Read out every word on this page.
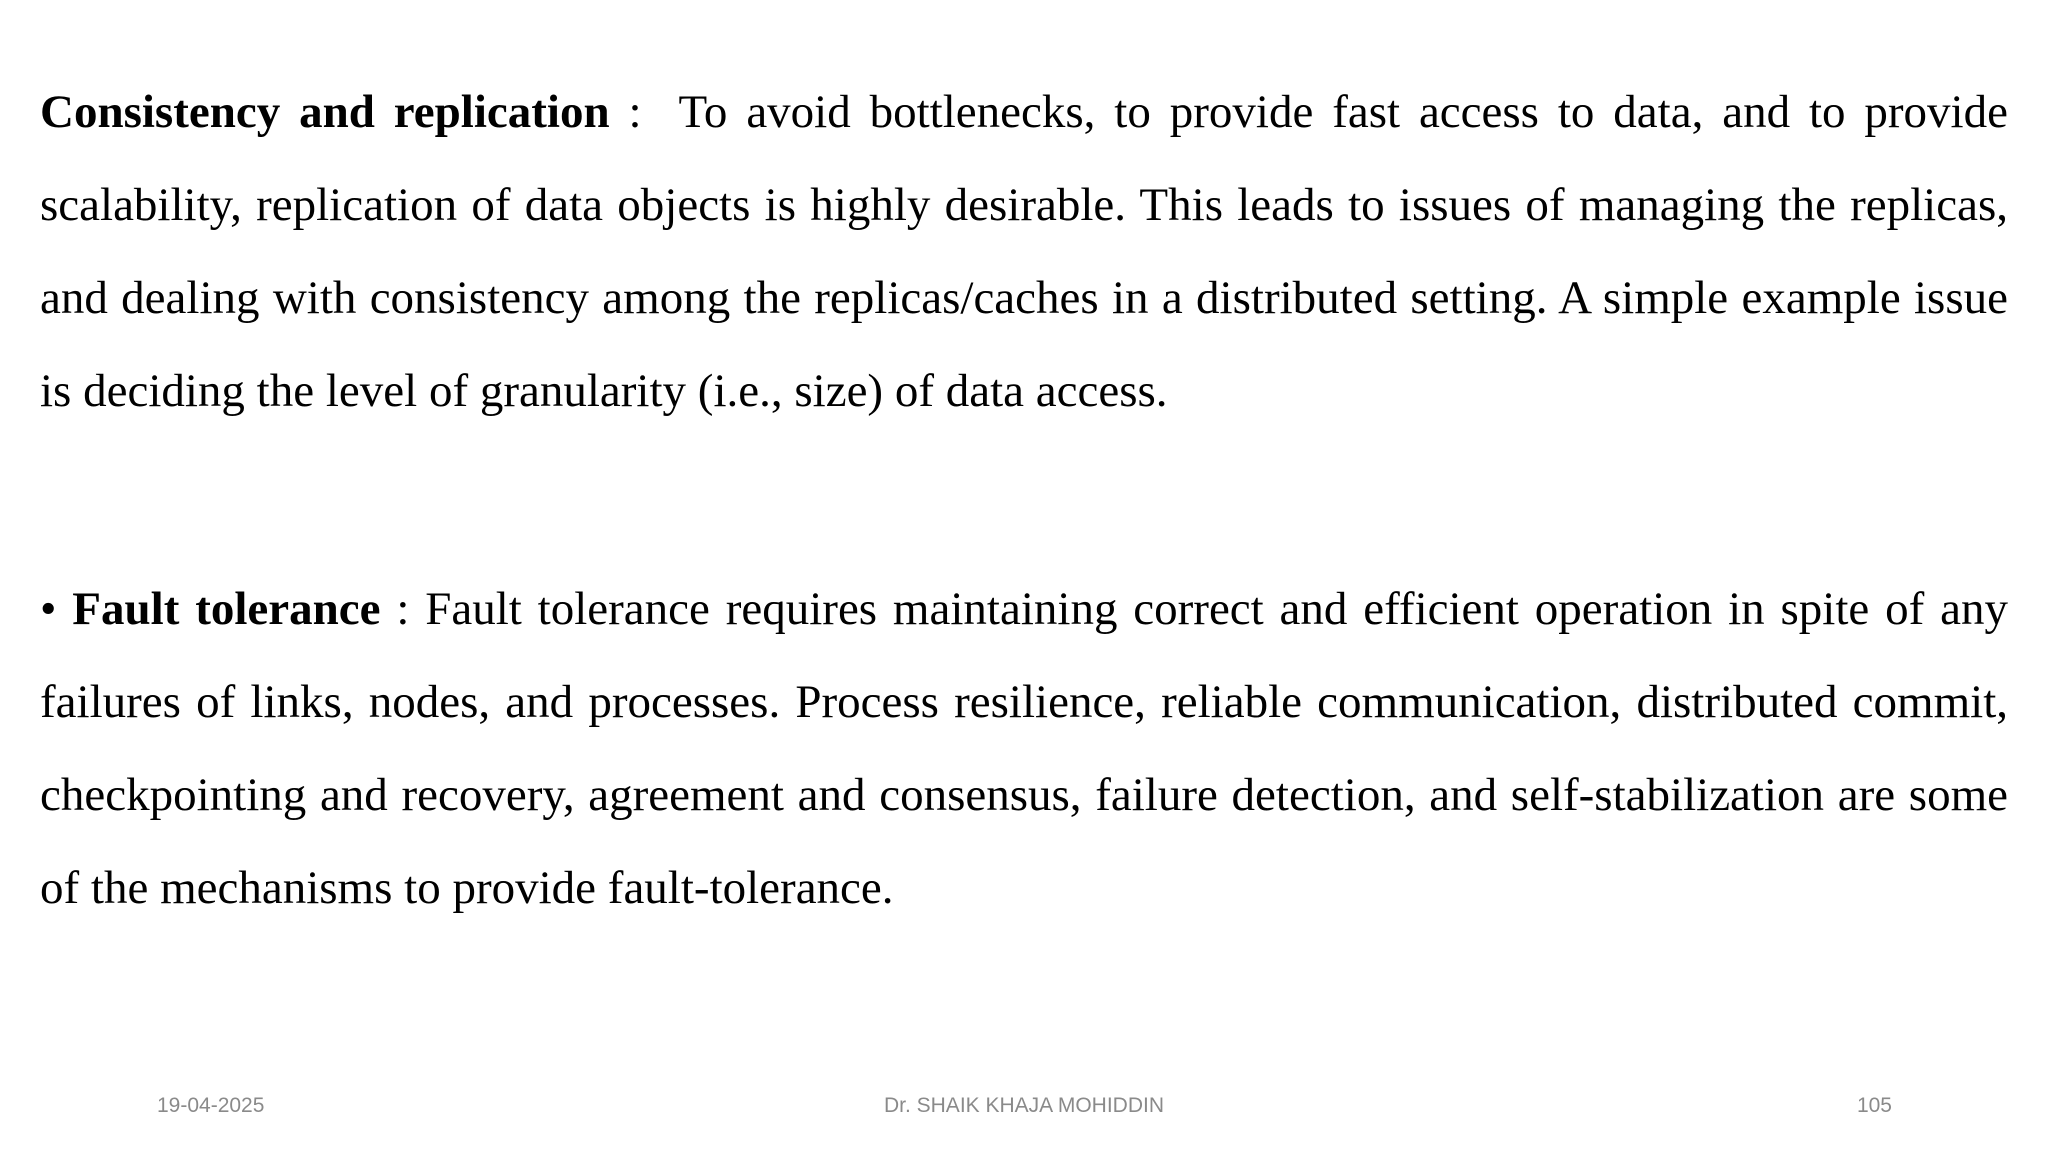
Consistency and replication :  To avoid bottlenecks, to provide fast access to data, and to provide scalability, replication of data objects is highly desirable. This leads to issues of managing the replicas, and dealing with consistency among the replicas/caches in a distributed setting. A simple example issue is deciding the level of granularity (i.e., size) of data access.

• Fault tolerance : Fault tolerance requires maintaining correct and efficient operation in spite of any failures of links, nodes, and processes. Process resilience, reliable communication, distributed commit, checkpointing and recovery, agreement and consensus, failure detection, and self-stabilization are some of the mechanisms to provide fault-tolerance.

19-04-2025	Dr. SHAIK KHAJA MOHIDDIN	105
